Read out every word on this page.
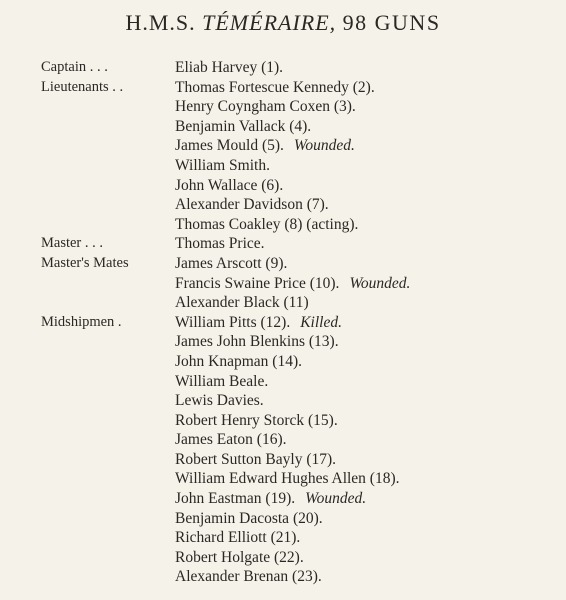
H.M.S. TÉMÉRAIRE, 98 GUNS
Captain . . .	Eliab Harvey (1).
Lieutenants . .	Thomas Fortescue Kennedy (2).
Henry Coyngham Coxen (3).
Benjamin Vallack (4).
James Mould (5). Wounded.
William Smith.
John Wallace (6).
Alexander Davidson (7).
Thomas Coakley (8) (acting).
Master . . .	Thomas Price.
Master's Mates	James Arscott (9).
Francis Swaine Price (10). Wounded.
Alexander Black (11)
Midshipmen .	William Pitts (12). Killed.
James John Blenkins (13).
John Knapman (14).
William Beale.
Lewis Davies.
Robert Henry Storck (15).
James Eaton (16).
Robert Sutton Bayly (17).
William Edward Hughes Allen (18).
John Eastman (19). Wounded.
Benjamin Dacosta (20).
Richard Elliott (21).
Robert Holgate (22).
Alexander Brenan (23).
